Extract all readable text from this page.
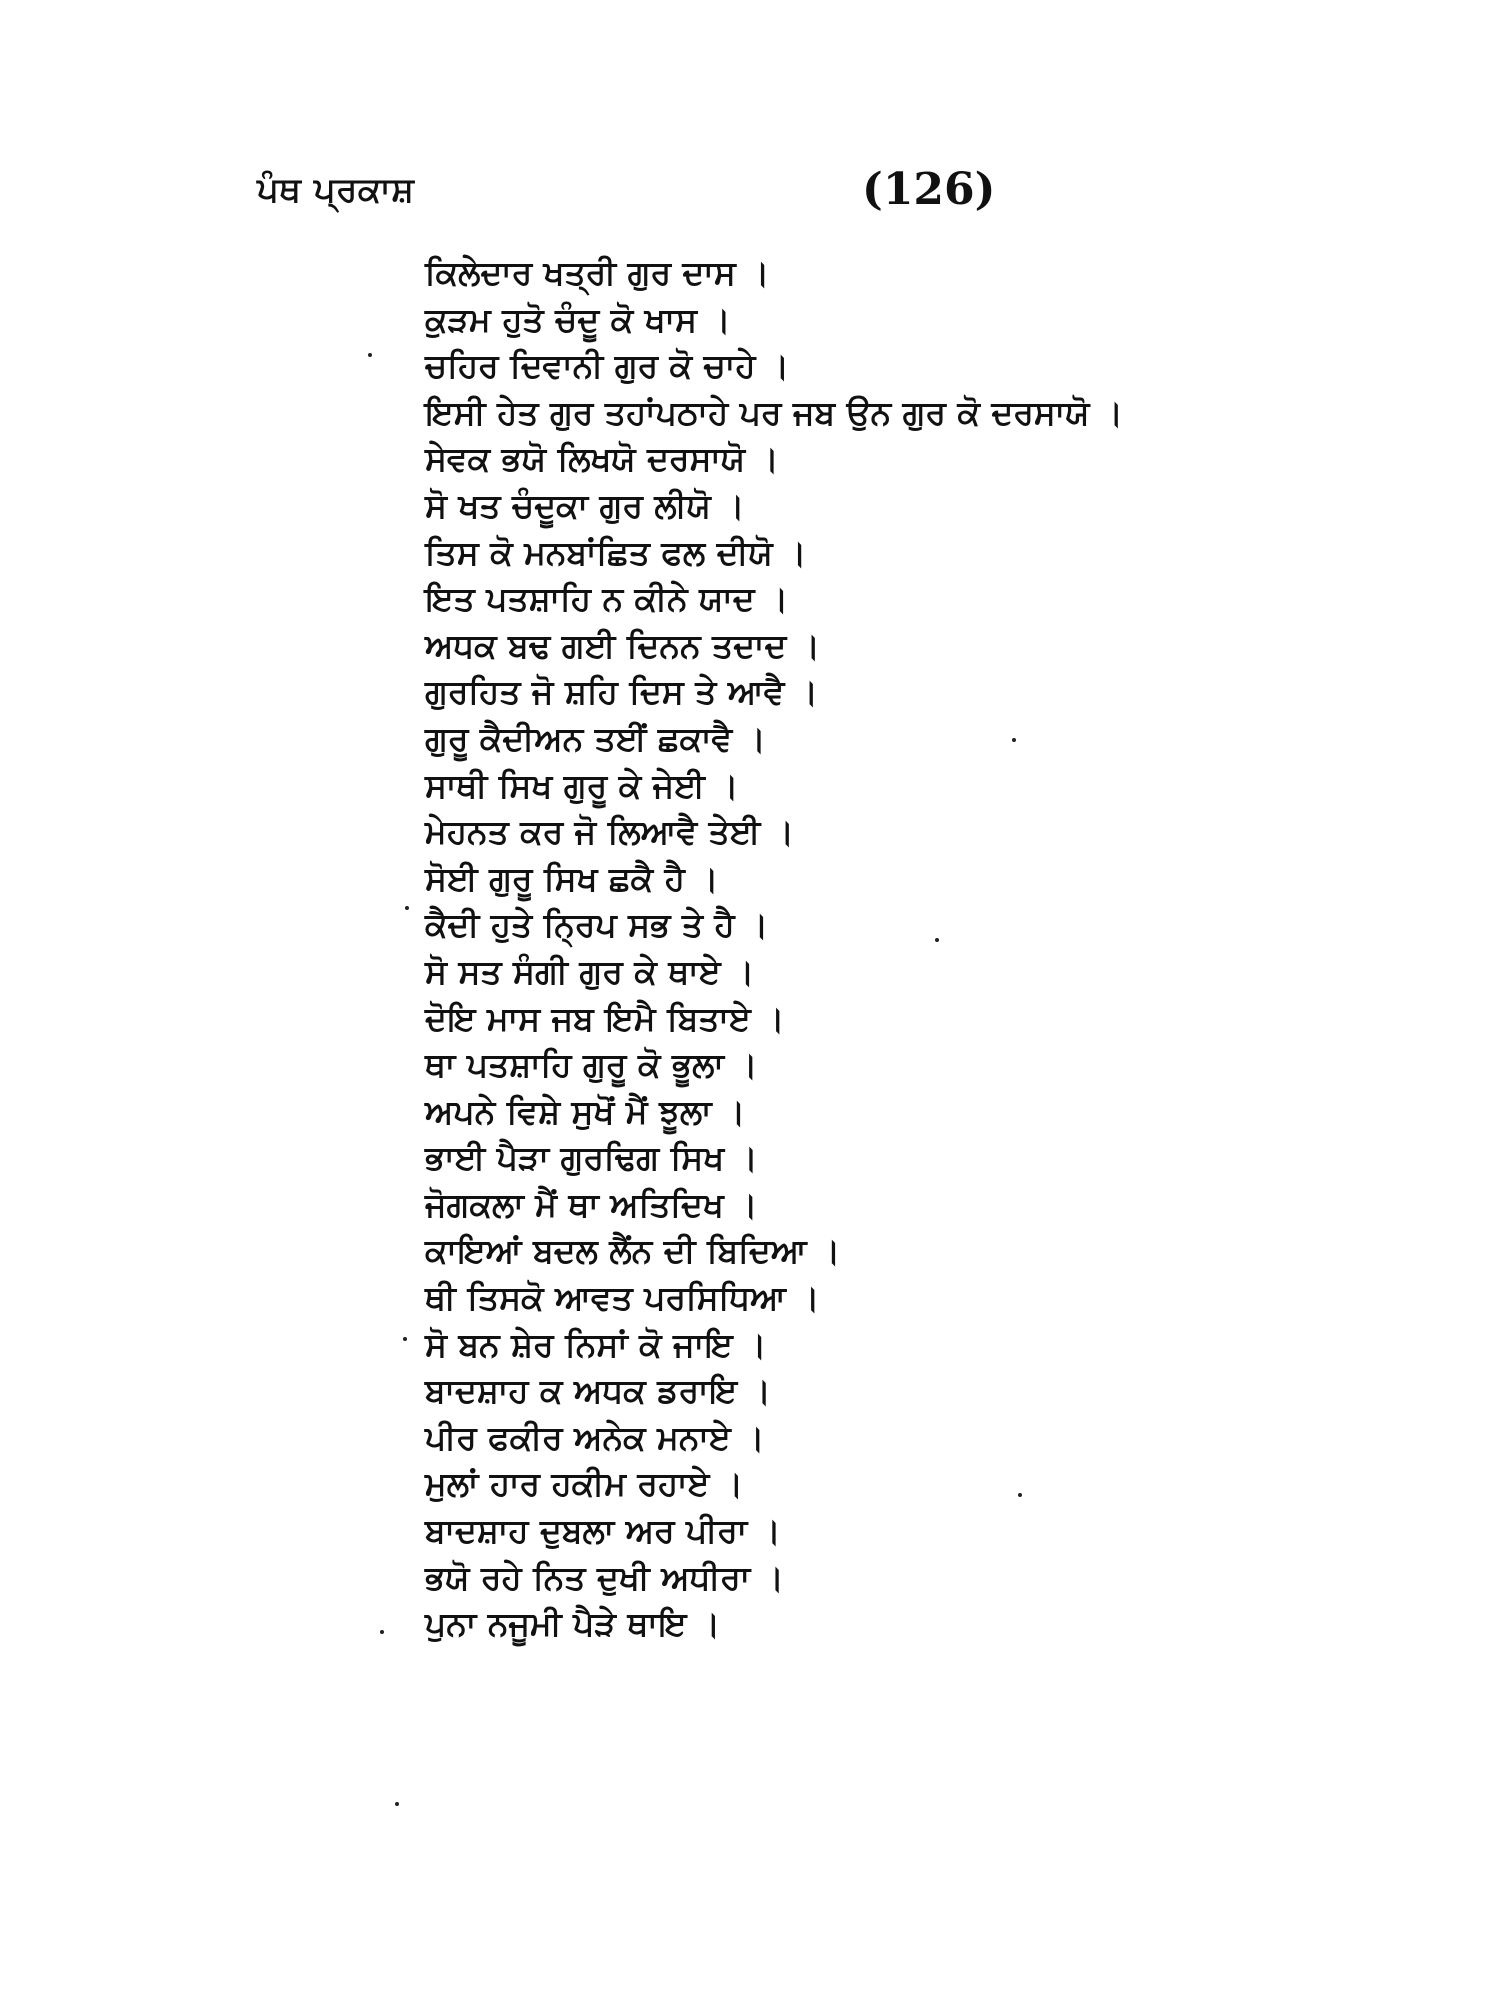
ਪੰਥ ਪ੍ਰਕਾਸ਼	(126)
ਕਿਲੇਦਾਰ ਖਤ੍ਰੀ ਗੁਰ ਦਾਸ ।
ਕੁੜਮ ਹੁਤੋ ਚੰਦੂ ਕੋ ਖਾਸ ।
ਚਹਿਰ ਦਿਵਾਨੀ ਗੁਰ ਕੋ ਚਾਹੇ ।
ਇਸੀ ਹੇਤ ਗੁਰ ਤਹਾਂਪਠਾਹੇ ਪਰ ਜਬ ਉਨ ਗੁਰ ਕੋ ਦਰਸਾਯੋ ।
ਸੇਵਕ ਭਯੋ ਲਿਖਯੋ ਦਰਸਾਯੋ ।
ਸੋ ਖਤ ਚੰਦੂਕਾ ਗੁਰ ਲੀਯੋ ।
ਤਿਸ ਕੋ ਮਨਬਾਂਛਿਤ ਫਲ ਦੀਯੋ ।
ਇਤ ਪਤਸ਼ਾਹਿ ਨ ਕੀਨੇ ਯਾਦ ।
ਅਧਕ ਬਢ ਗਈ ਦਿਨਨ ਤਦਾਦ ।
ਗੁਰਹਿਤ ਜੋ ਸ਼ਹਿ ਦਿਸ ਤੇ ਆਵੈ ।
ਗੁਰੂ ਕੈਦੀਅਨ ਤਈਂ ਛਕਾਵੈ ।
ਸਾਥੀ ਸਿਖ ਗੁਰੂ ਕੇ ਜੇਈ ।
ਮੇਹਨਤ ਕਰ ਜੋ ਲਿਆਵੈ ਤੇਈ ।
ਸੋਈ ਗੁਰੂ ਸਿਖ ਛਕੈ ਹੈ ।
ਕੈਦੀ ਹੁਤੇ ਨ੍ਰਿਪ ਸਭ ਤੇ ਹੈ ।
ਸੋ ਸਤ ਸੰਗੀ ਗੁਰ ਕੇ ਥਾਏ ।
ਦੋਇ ਮਾਸ ਜਬ ਇਮੈ ਬਿਤਾਏ ।
ਥਾ ਪਤਸ਼ਾਹਿ ਗੁਰੂ ਕੋ ਭੂਲਾ ।
ਅਪਨੇ ਵਿਸ਼ੇ ਸੁਖੋਂ ਮੈਂ ਝੂਲਾ ।
ਭਾਈ ਪੈੜਾ ਗੁਰਢਿਗ ਸਿਖ ।
ਜੋਗਕਲਾ ਮੈਂ ਥਾ ਅਤਿਦਿਖ ।
ਕਾਇਆਂ ਬਦਲ ਲੈਂਨ ਦੀ ਬਿਦਿਆ ।
ਥੀ ਤਿਸਕੋ ਆਵਤ ਪਰਸਿਧਿਆ ।
ਸੋ ਬਨ ਸ਼ੇਰ ਨਿਸਾਂ ਕੋ ਜਾਇ ।
ਬਾਦਸ਼ਾਹ ਕ ਅਧਕ ਡਰਾਇ ।
ਪੀਰ ਫਕੀਰ ਅਨੇਕ ਮਨਾਏ ।
ਮੁਲਾਂ ਹਾਰ ਹਕੀਮ ਰਹਾਏ ।
ਬਾਦਸ਼ਾਹ ਦੁਬਲਾ ਅਰ ਪੀਰਾ ।
ਭਯੋ ਰਹੇ ਨਿਤ ਦੁਖੀ ਅਧੀਰਾ ।
ਪੁਨਾ ਨਜੂਮੀ ਪੈੜੇ ਥਾਇ ।
